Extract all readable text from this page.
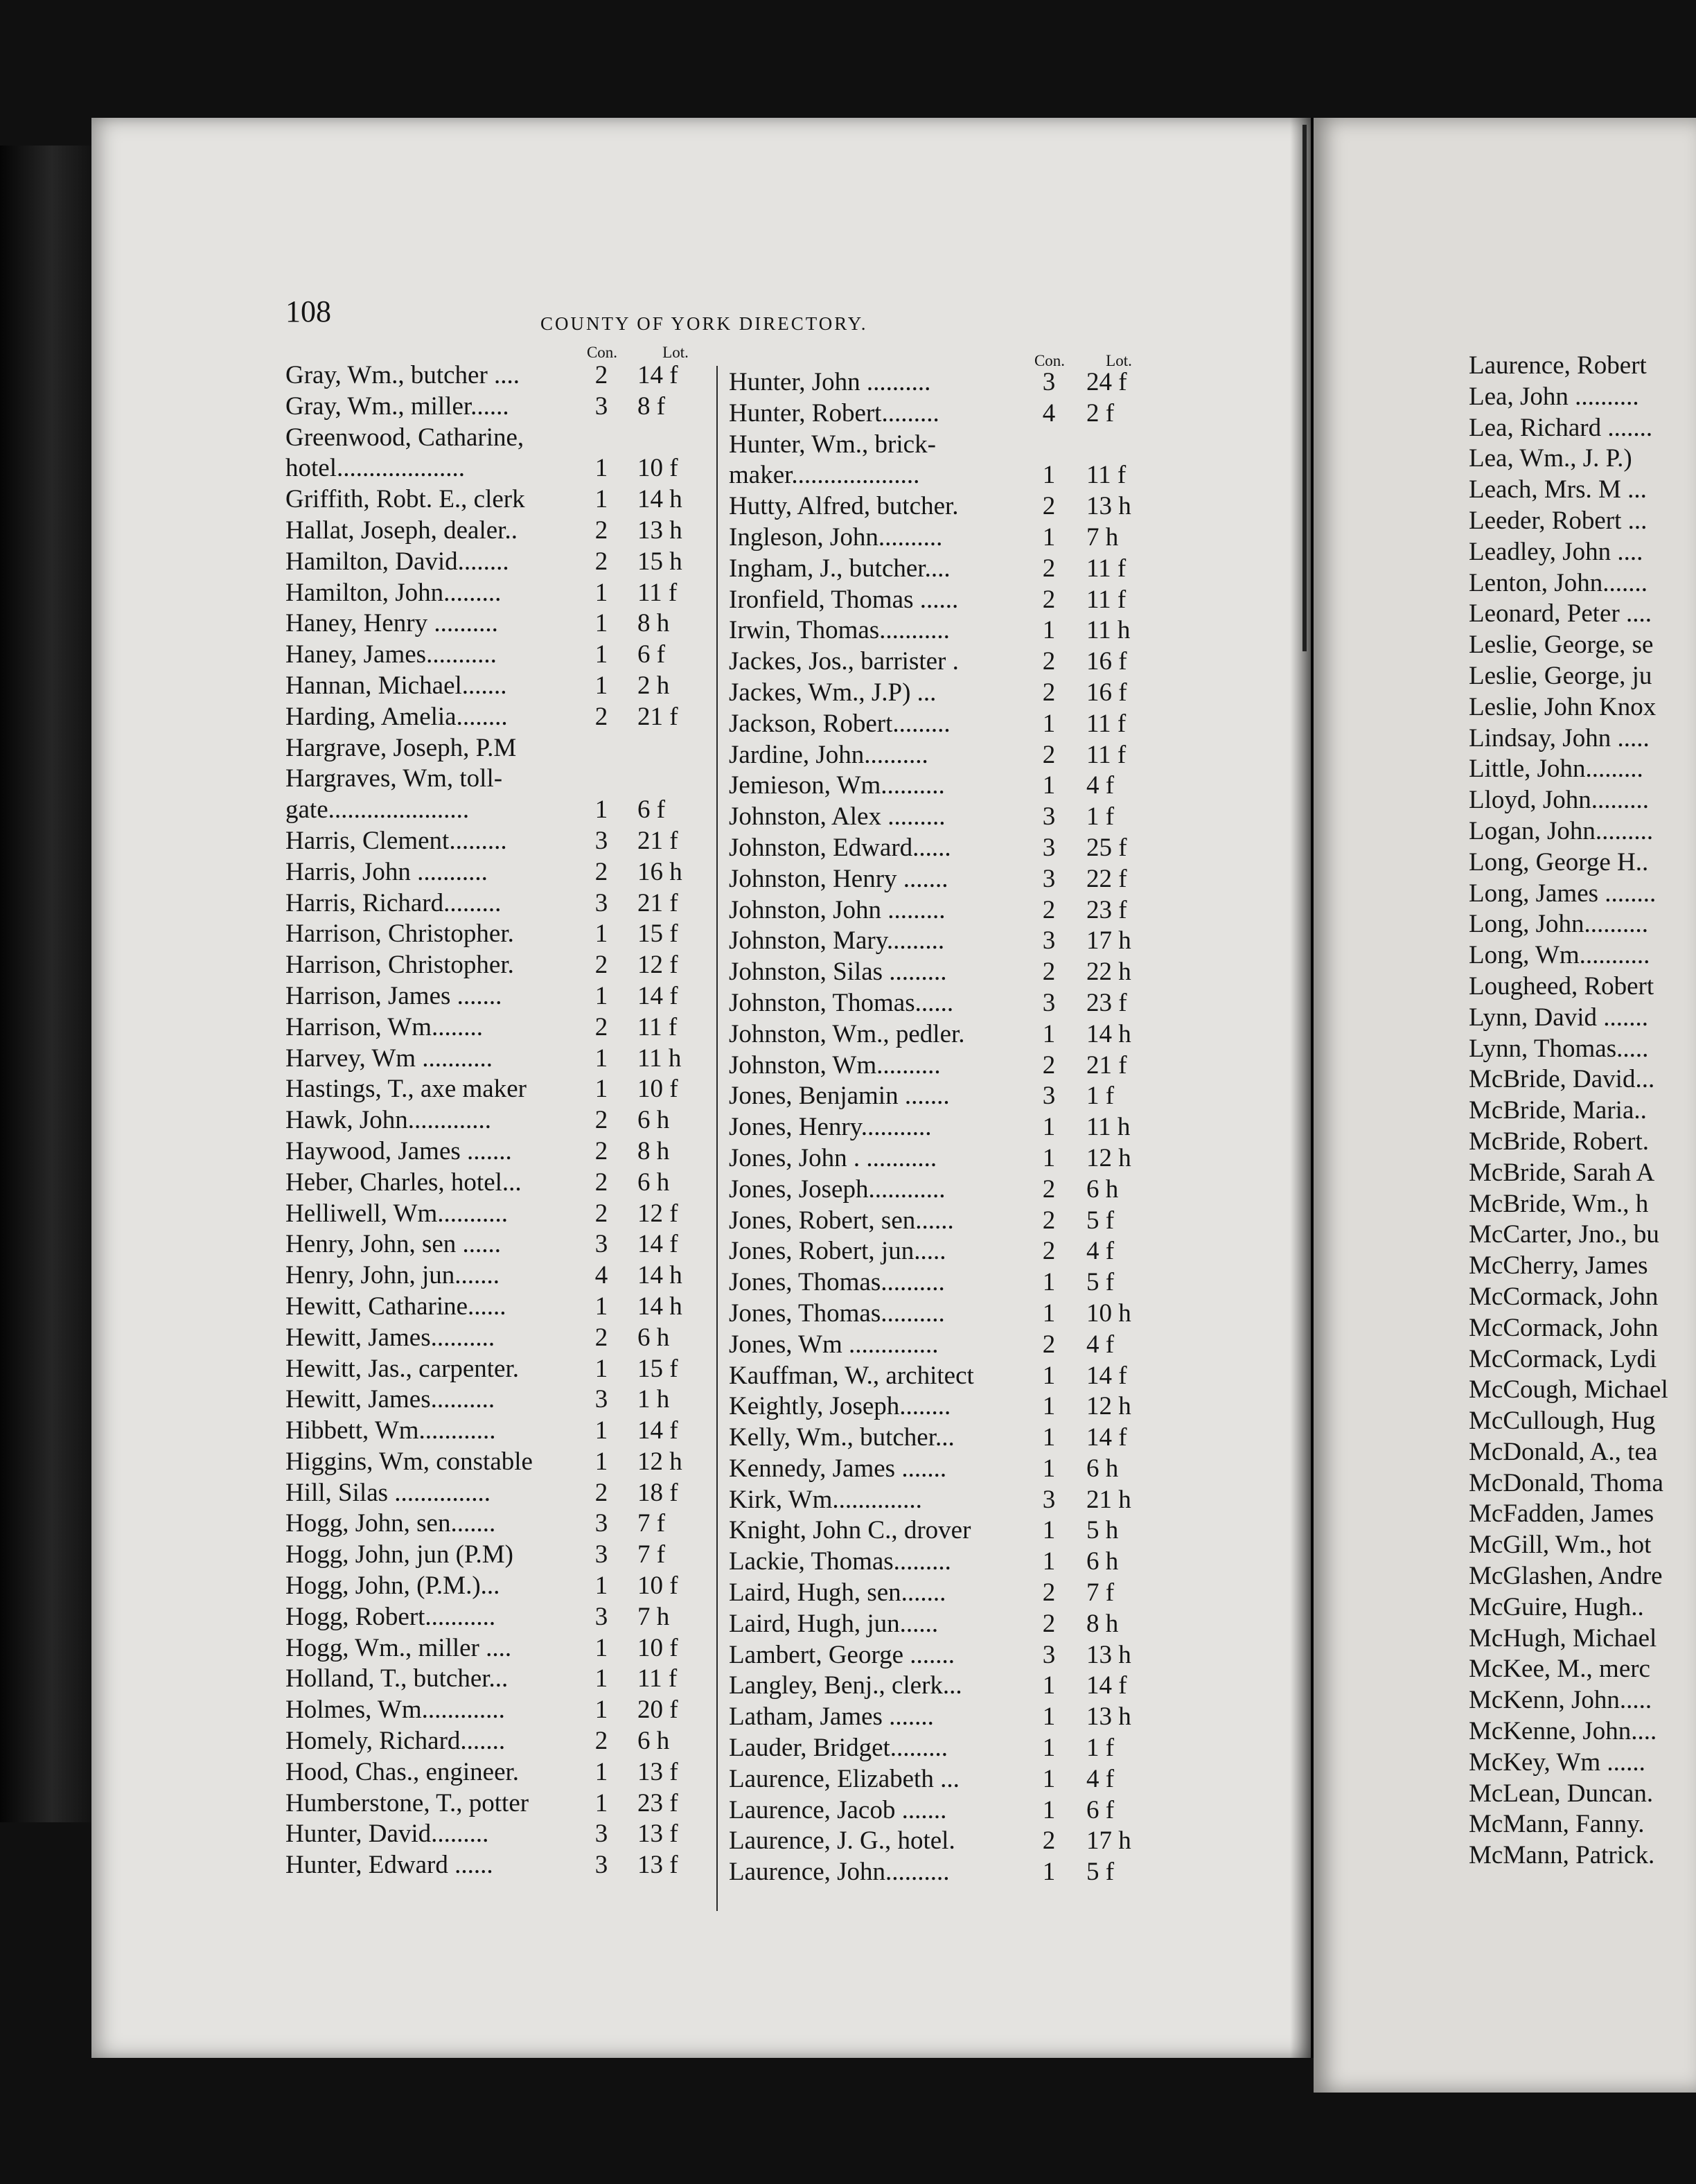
108	COUNTY OF YORK DIRECTORY.
Con.	Lot.	Con.	Lot.
Gray, Wm., butcher ....	2	14 f
Gray, Wm., miller......	3	8 f
Greenwood, Catharine,
hotel....................	1	10 f
Griffith, Robt. E., clerk	1	14 h
Hallat, Joseph, dealer..	2	13 h
Hamilton, David........	2	15 h
Hamilton, John.........	1	11 f
Haney, Henry ..........	1	8 h
Haney, James...........	1	6 f
Hannan, Michael.......	1	2 h
Harding, Amelia........	2	21 f
Hargrave, Joseph, P.M
Hargraves, Wm, toll-
gate......................	1	6 f
Harris, Clement.........	3	21 f
Harris, John ...........	2	16 h
Harris, Richard.........	3	21 f
Harrison, Christopher.	1	15 f
Harrison, Christopher.	2	12 f
Harrison, James .......	1	14 f
Harrison, Wm........	2	11 f
Harvey, Wm ...........	1	11 h
Hastings, T., axe maker	1	10 f
Hawk, John.............	2	6 h
Haywood, James .......	2	8 h
Heber, Charles, hotel...	2	6 h
Helliwell, Wm...........	2	12 f
Henry, John, sen ......	3	14 f
Henry, John, jun.......	4	14 h
Hewitt, Catharine......	1	14 h
Hewitt, James..........	2	6 h
Hewitt, Jas., carpenter.	1	15 f
Hewitt, James..........	3	1 h
Hibbett, Wm............	1	14 f
Higgins, Wm, constable	1	12 h
Hill, Silas ...............	2	18 f
Hogg, John, sen.......	3	7 f
Hogg, John, jun (P.M)	3	7 f
Hogg, John, (P.M.)...	1	10 f
Hogg, Robert...........	3	7 h
Hogg, Wm., miller ....	1	10 f
Holland, T., butcher...	1	11 f
Holmes, Wm.............	1	20 f
Homely, Richard.......	2	6 h
Hood, Chas., engineer.	1	13 f
Humberstone, T., potter	1	23 f
Hunter, David.........	3	13 f
Hunter, Edward ......	3	13 f
Hunter, John ..........	3	24 f
Hunter, Robert.........	4	2 f
Hunter, Wm., brick-
maker....................	1	11 f
Hutty, Alfred, butcher.	2	13 h
Ingleson, John..........	1	7 h
Ingham, J., butcher....	2	11 f
Ironfield, Thomas ......	2	11 f
Irwin, Thomas...........	1	11 h
Jackes, Jos., barrister .	2	16 f
Jackes, Wm., J.P) ...	2	16 f
Jackson, Robert.........	1	11 f
Jardine, John..........	2	11 f
Jemieson, Wm..........	1	4 f
Johnston, Alex .........	3	1 f
Johnston, Edward......	3	25 f
Johnston, Henry .......	3	22 f
Johnston, John .........	2	23 f
Johnston, Mary.........	3	17 h
Johnston, Silas .........	2	22 h
Johnston, Thomas......	3	23 f
Johnston, Wm., pedler.	1	14 h
Johnston, Wm..........	2	21 f
Jones, Benjamin .......	3	1 f
Jones, Henry...........	1	11 h
Jones, John . ...........	1	12 h
Jones, Joseph............	2	6 h
Jones, Robert, sen......	2	5 f
Jones, Robert, jun.....	2	4 f
Jones, Thomas..........	1	5 f
Jones, Thomas..........	1	10 h
Jones, Wm ..............	2	4 f
Kauffman, W., architect	1	14 f
Keightly, Joseph........	1	12 h
Kelly, Wm., butcher...	1	14 f
Kennedy, James .......	1	6 h
Kirk, Wm..............	3	21 h
Knight, John C., drover	1	5 h
Lackie, Thomas.........	1	6 h
Laird, Hugh, sen.......	2	7 f
Laird, Hugh, jun......	2	8 h
Lambert, George .......	3	13 h
Langley, Benj., clerk...	1	14 f
Latham, James .......	1	13 h
Lauder, Bridget.........	1	1 f
Laurence, Elizabeth ...	1	4 f
Laurence, Jacob .......	1	6 f
Laurence, J. G., hotel.	2	17 h
Laurence, John..........	1	5 f
Laurence, Robert
Lea, John ..........
Lea, Richard .......
Lea, Wm., J. P.)
Leach, Mrs. M ...
Leeder, Robert ...
Leadley, John ....
Lenton, John.......
Leonard, Peter ....
Leslie, George, se
Leslie, George, ju
Leslie, John Knox
Lindsay, John .....
Little, John.........
Lloyd, John.........
Logan, John.........
Long, George H..
Long, James ........
Long, John..........
Long, Wm...........
Lougheed, Robert
Lynn, David .......
Lynn, Thomas.....
McBride, David...
McBride, Maria..
McBride, Robert.
McBride, Sarah A
McBride, Wm., h
McCarter, Jno., bu
McCherry, James
McCormack, John
McCormack, John
McCormack, Lydi
McCough, Michael
McCullough, Hug
McDonald, A., tea
McDonald, Thoma
McFadden, James
McGill, Wm., hot
McGlashen, Andre
McGuire, Hugh..
McHugh, Michael
McKee, M., merc
McKenn, John.....
McKenne, John....
McKey, Wm ......
McLean, Duncan.
McMann, Fanny.
McMann, Patrick.
